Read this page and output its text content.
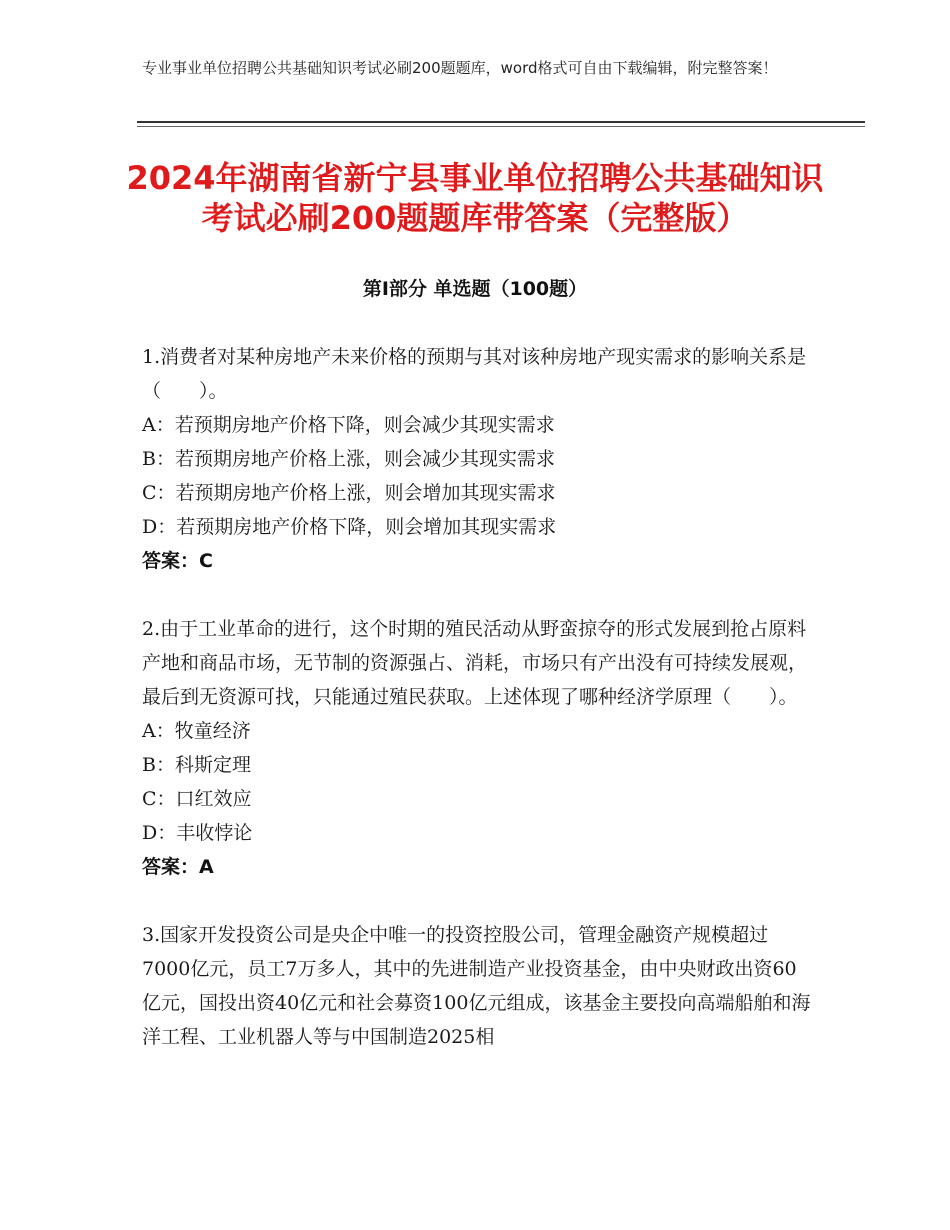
专业事业单位招聘公共基础知识考试必刷200题题库，word格式可自由下载编辑，附完整答案！
2024年湖南省新宁县事业单位招聘公共基础知识考试必刷200题题库带答案（完整版）
第Ⅰ部分 单选题（100题）
1.消费者对某种房地产未来价格的预期与其对该种房地产现实需求的影响关系是（　　）。
A：若预期房地产价格下降，则会减少其现实需求
B：若预期房地产价格上涨，则会减少其现实需求
C：若预期房地产价格上涨，则会增加其现实需求
D：若预期房地产价格下降，则会增加其现实需求
答案：C
2.由于工业革命的进行，这个时期的殖民活动从野蛮掠夺的形式发展到抢占原料产地和商品市场，无节制的资源强占、消耗，市场只有产出没有可持续发展观，最后到无资源可找，只能通过殖民获取。上述体现了哪种经济学原理（　　）。
A：牧童经济
B：科斯定理
C：口红效应
D：丰收悖论
答案：A
3.国家开发投资公司是央企中唯一的投资控股公司，管理金融资产规模超过7000亿元，员工7万多人，其中的先进制造产业投资基金，由中央财政出资60亿元，国投出资40亿元和社会募资100亿元组成，该基金主要投向高端船舶和海洋工程、工业机器人等与中国制造2025相
